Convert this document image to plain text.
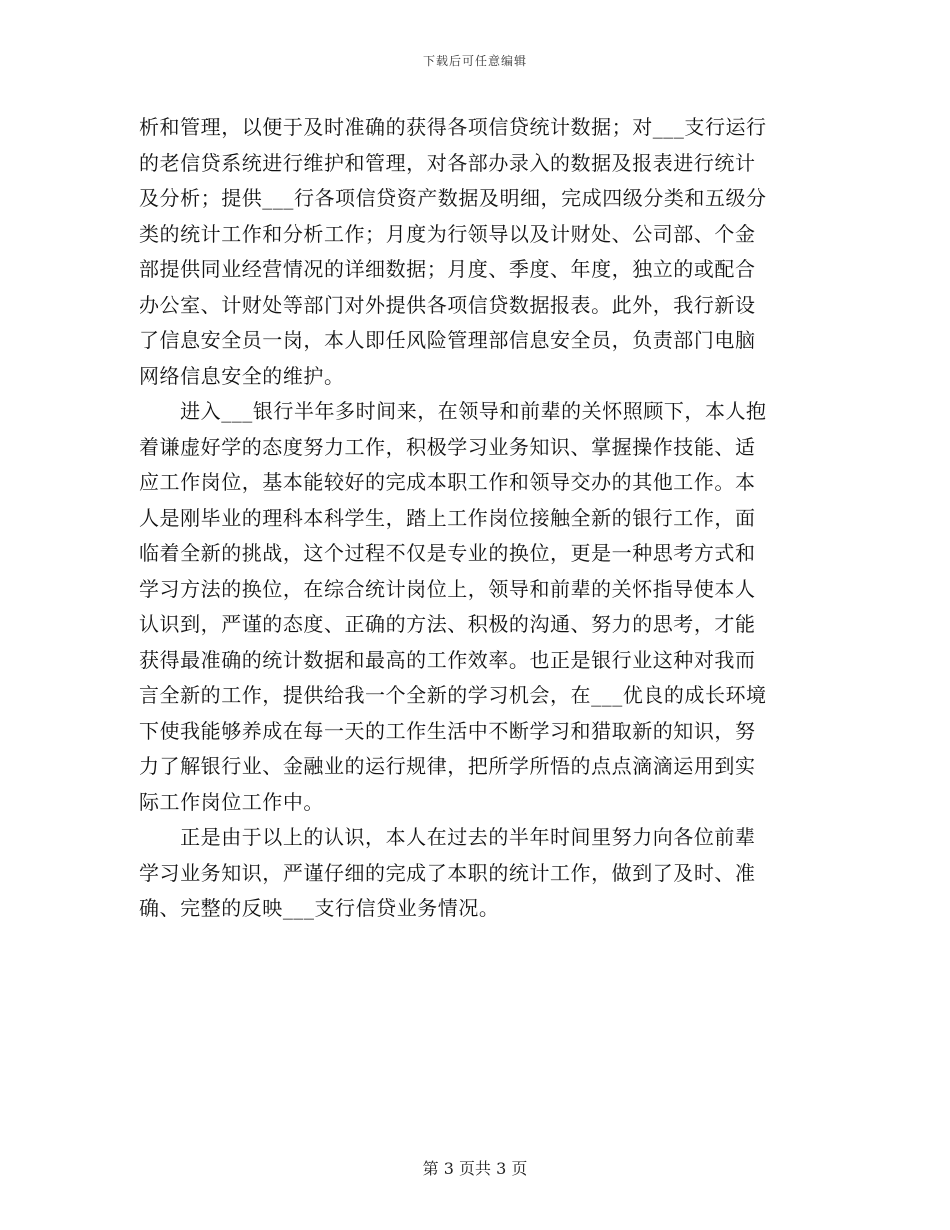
下载后可任意编辑
析和管理，以便于及时准确的获得各项信贷统计数据；对___支行运行
的老信贷系统进行维护和管理，对各部办录入的数据及报表进行统计
及分析；提供___行各项信贷资产数据及明细，完成四级分类和五级分
类的统计工作和分析工作；月度为行领导以及计财处、公司部、个金
部提供同业经营情况的详细数据；月度、季度、年度，独立的或配合
办公室、计财处等部门对外提供各项信贷数据报表。此外，我行新设
了信息安全员一岗，本人即任风险管理部信息安全员，负责部门电脑
网络信息安全的维护。
　　进入___银行半年多时间来，在领导和前辈的关怀照顾下，本人抱
着谦虚好学的态度努力工作，积极学习业务知识、掌握操作技能、适
应工作岗位，基本能较好的完成本职工作和领导交办的其他工作。本
人是刚毕业的理科本科学生，踏上工作岗位接触全新的银行工作，面
临着全新的挑战，这个过程不仅是专业的换位，更是一种思考方式和
学习方法的换位，在综合统计岗位上，领导和前辈的关怀指导使本人
认识到，严谨的态度、正确的方法、积极的沟通、努力的思考，才能
获得最准确的统计数据和最高的工作效率。也正是银行业这种对我而
言全新的工作，提供给我一个全新的学习机会，在___优良的成长环境
下使我能够养成在每一天的工作生活中不断学习和猎取新的知识，努
力了解银行业、金融业的运行规律，把所学所悟的点点滴滴运用到实
际工作岗位工作中。
　　正是由于以上的认识，本人在过去的半年时间里努力向各位前辈
学习业务知识，严谨仔细的完成了本职的统计工作，做到了及时、准
确、完整的反映___支行信贷业务情况。
第 3 页共 3 页
